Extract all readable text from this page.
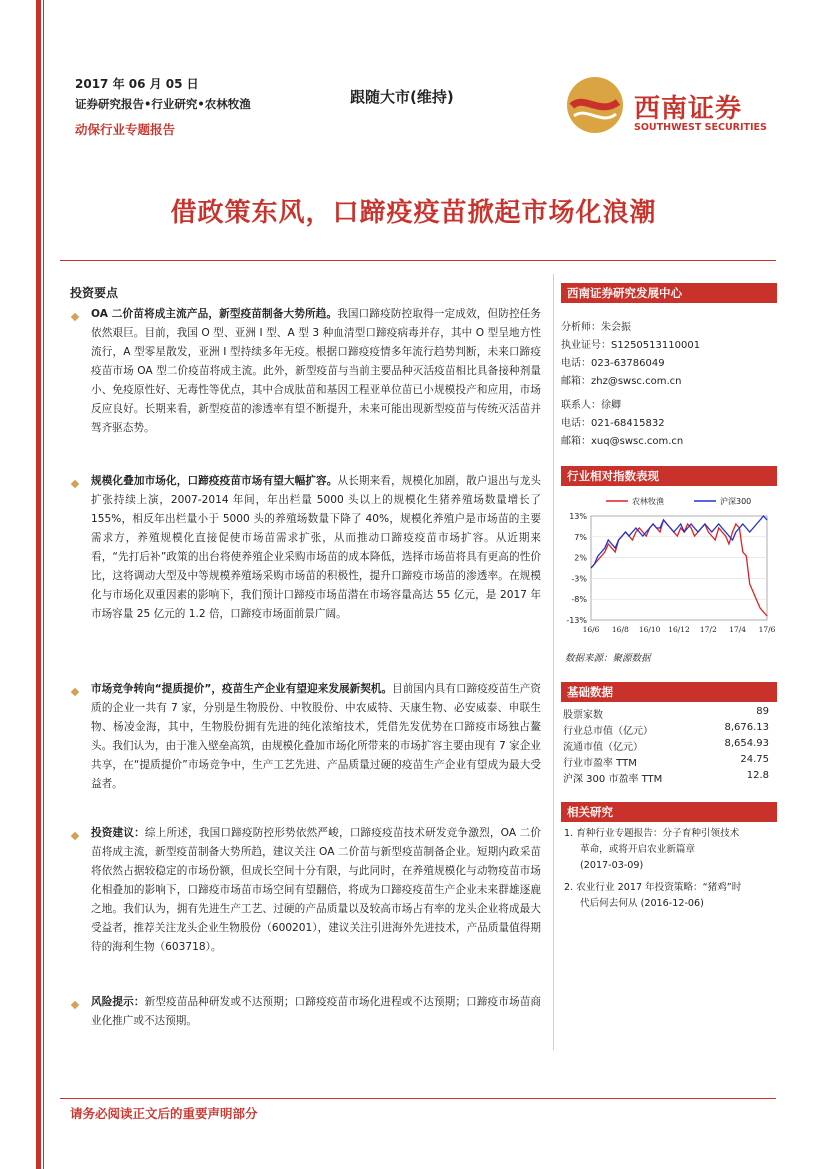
2017 年 06 月 05 日
证券研究报告•行业研究•农林牧渔
动保行业专题报告
跟随大市(维持)	西南证券
SOUTHWEST SECURITIES
借政策东风，口蹄疫疫苗掀起市场化浪潮
投资要点
OA 二价苗将成主流产品，新型疫苗制备大势所趋。我国口蹄疫防控取得一定成效，但防控任务依然艰巨。目前，我国 O 型、亚洲 I 型、A 型 3 种血清型口蹄疫病毒并存，其中 O 型呈地方性流行，A 型零星散发，亚洲 I 型持续多年无疫。根据口蹄疫疫情多年流行趋势判断，未来口蹄疫疫苗市场 OA 型二价疫苗将成主流。此外，新型疫苗与当前主要品种灭活疫苗相比具备接种剂量小、免疫原性好、无毒性等优点，其中合成肽苗和基因工程亚单位苗已小规模投产和应用，市场反应良好。长期来看，新型疫苗的渗透率有望不断提升，未来可能出现新型疫苗与传统灭活苗并驾齐驱态势。
规模化叠加市场化，口蹄疫疫苗市场有望大幅扩容。从长期来看，规模化加剧，散户退出与龙头扩张持续上演，2007-2014 年间，年出栏量 5000 头以上的规模化生猪养殖场数量增长了 155%，相反年出栏量小于 5000 头的养殖场数量下降了 40%，规模化养殖户是市场苗的主要需求方，养殖规模化直接促使市场苗需求扩张，从而推动口蹄疫疫苗市场扩容。从近期来看，“先打后补”政策的出台将使养殖企业采购市场苗的成本降低，选择市场苗将具有更高的性价比，这将调动大型及中等规模养殖场采购市场苗的积极性，提升口蹄疫市场苗的渗透率。在规模化与市场化双重因素的影响下，我们预计口蹄疫市场苗潜在市场容量高达 55 亿元，是 2017 年市场容量 25 亿元的 1.2 倍，口蹄疫市场面前景广阔。
市场竞争转向“提质提价”，疫苗生产企业有望迎来发展新契机。目前国内具有口蹄疫疫苗生产资质的企业一共有 7 家，分别是生物股份、中牧股份、中农威特、天康生物、必安威泰、申联生物、杨凌金海，其中，生物股份拥有先进的纯化浓缩技术，凭借先发优势在口蹄疫市场独占鳌头。我们认为，由于准入壁垒高筑，由规模化叠加市场化所带来的市场扩容主要由现有 7 家企业共享，在“提质提价”市场竞争中，生产工艺先进、产品质量过硬的疫苗生产企业有望成为最大受益者。
投资建议：综上所述，我国口蹄疫防控形势依然严峻，口蹄疫疫苗技术研发竞争激烈，OA 二价苗将成主流，新型疫苗制备大势所趋，建议关注 OA 二价苗与新型疫苗制备企业。短期内政采苗将依然占据较稳定的市场份额，但成长空间十分有限，与此同时，在养殖规模化与动物疫苗市场化相叠加的影响下，口蹄疫市场苗市场空间有望翻倍，将成为口蹄疫疫苗生产企业未来群雄逐鹿之地。我们认为，拥有先进生产工艺、过硬的产品质量以及较高市场占有率的龙头企业将成最大受益者，推荐关注龙头企业生物股份（600201），建议关注引进海外先进技术，产品质量值得期待的海利生物（603718）。
风险提示：新型疫苗品种研发或不达预期；口蹄疫疫苗市场化进程或不达预期；口蹄疫市场苗商业化推广或不达预期。
西南证券研究发展中心
分析师：朱会振
执业证号：S1250513110001
电话：023-63786049
邮箱：zhz@swsc.com.cn
联系人：徐卿
电话：021-68415832
邮箱：xuq@swsc.com.cn
行业相对指数表现
13%
7%
2%
-3%
-8%
-13%
16/6 16/8 16/10 16/12 17/2 17/4 17/6
农林牧渔	沪深300
数据来源：聚源数据
基础数据
股票家数	89
行业总市值（亿元）	8,676.13
流通市值（亿元）	8,654.93
行业市盈率 TTM	24.75
沪深 300 市盈率 TTM	12.8
相关研究
1. 育种行业专题报告：分子育种引领技术
革命，或将开启农业新篇章
(2017-03-09)
2. 农业行业 2017 年投资策略：“猪鸡”时
代后何去何从 (2016-12-06)
请务必阅读正文后的重要声明部分
